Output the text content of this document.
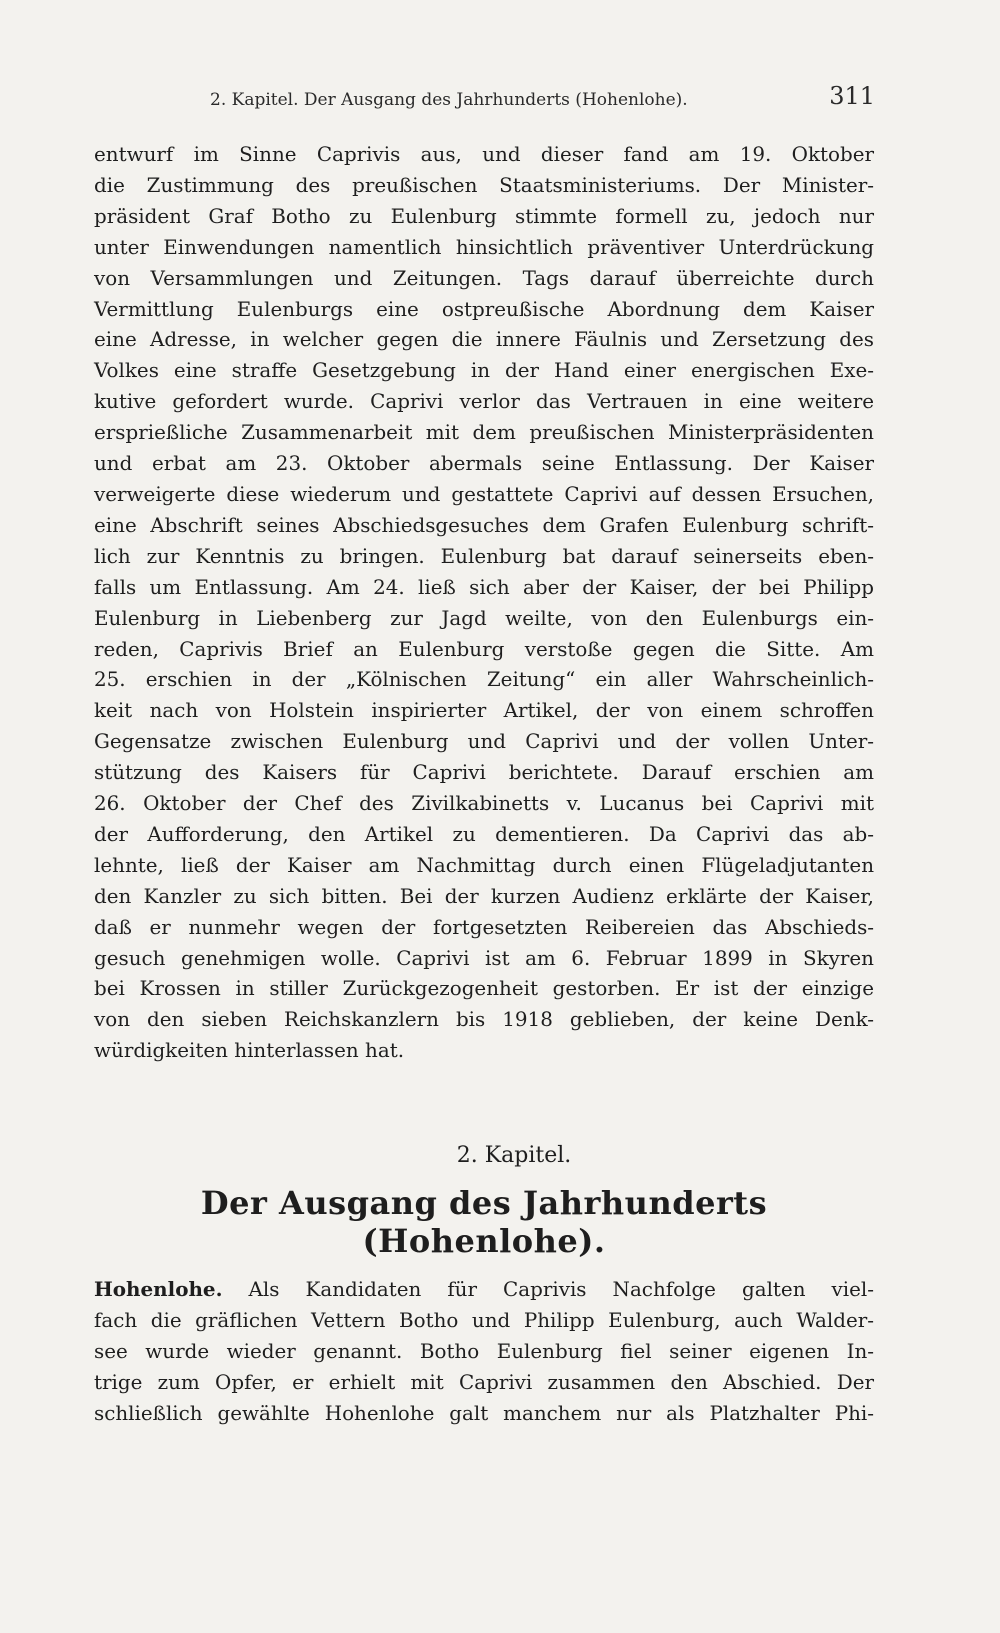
2. Kapitel. Der Ausgang des Jahrhunderts (Hohenlohe).	311
entwurf im Sinne Caprivis aus, und dieser fand am 19. Oktober
die Zustimmung des preußischen Staatsministeriums. Der Minister-
präsident Graf Botho zu Eulenburg stimmte formell zu, jedoch nur
unter Einwendungen namentlich hinsichtlich präventiver Unterdrückung
von Versammlungen und Zeitungen. Tags darauf überreichte durch
Vermittlung Eulenburgs eine ostpreußische Abordnung dem Kaiser
eine Adresse, in welcher gegen die innere Fäulnis und Zersetzung des
Volkes eine straffe Gesetzgebung in der Hand einer energischen Exe-
kutive gefordert wurde. Caprivi verlor das Vertrauen in eine weitere
ersprießliche Zusammenarbeit mit dem preußischen Ministerpräsidenten
und erbat am 23. Oktober abermals seine Entlassung. Der Kaiser
verweigerte diese wiederum und gestattete Caprivi auf dessen Ersuchen,
eine Abschrift seines Abschiedsgesuches dem Grafen Eulenburg schrift-
lich zur Kenntnis zu bringen. Eulenburg bat darauf seinerseits eben-
falls um Entlassung. Am 24. ließ sich aber der Kaiser, der bei Philipp
Eulenburg in Liebenberg zur Jagd weilte, von den Eulenburgs ein-
reden, Caprivis Brief an Eulenburg verstoße gegen die Sitte. Am
25. erschien in der „Kölnischen Zeitung“ ein aller Wahrscheinlich-
keit nach von Holstein inspirierter Artikel, der von einem schroffen
Gegensatze zwischen Eulenburg und Caprivi und der vollen Unter-
stützung des Kaisers für Caprivi berichtete. Darauf erschien am
26. Oktober der Chef des Zivilkabinetts v. Lucanus bei Caprivi mit
der Aufforderung, den Artikel zu dementieren. Da Caprivi das ab-
lehnte, ließ der Kaiser am Nachmittag durch einen Flügeladjutanten
den Kanzler zu sich bitten. Bei der kurzen Audienz erklärte der Kaiser,
daß er nunmehr wegen der fortgesetzten Reibereien das Abschieds-
gesuch genehmigen wolle. Caprivi ist am 6. Februar 1899 in Skyren
bei Krossen in stiller Zurückgezogenheit gestorben. Er ist der einzige
von den sieben Reichskanzlern bis 1918 geblieben, der keine Denk-
würdigkeiten hinterlassen hat.
2. Kapitel.
Der Ausgang des Jahrhunderts (Hohenlohe).
Hohenlohe. Als Kandidaten für Caprivis Nachfolge galten viel-
fach die gräflichen Vettern Botho und Philipp Eulenburg, auch Walder-
see wurde wieder genannt. Botho Eulenburg fiel seiner eigenen In-
trige zum Opfer, er erhielt mit Caprivi zusammen den Abschied. Der
schließlich gewählte Hohenlohe galt manchem nur als Platzhalter Phi-
